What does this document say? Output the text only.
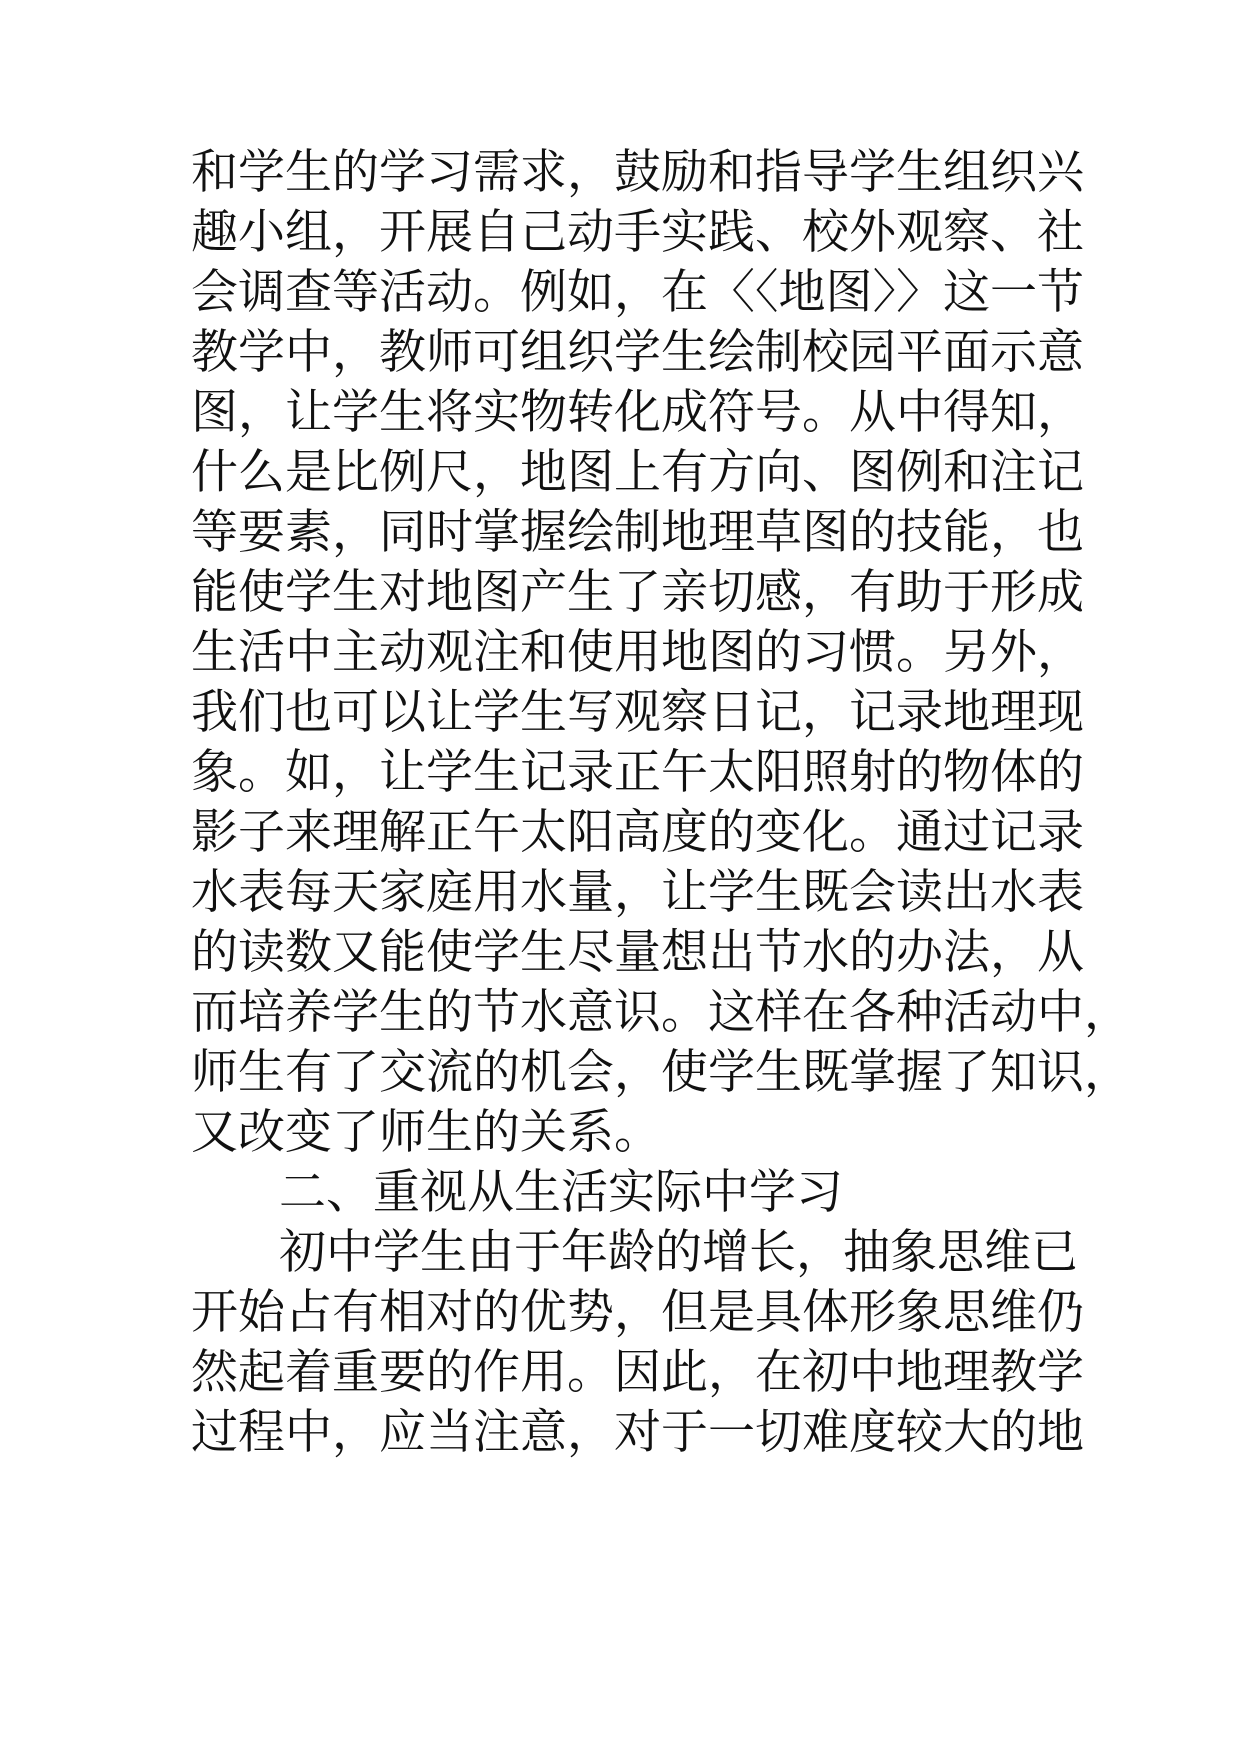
和学生的学习需求，鼓励和指导学生组织兴
趣小组，开展自己动手实践、校外观察、社
会调查等活动。例如，在〈〈地图〉〉这一节
教学中，教师可组织学生绘制校园平面示意
图，让学生将实物转化成符号。从中得知，
什么是比例尺，地图上有方向、图例和注记
等要素，同时掌握绘制地理草图的技能，也
能使学生对地图产生了亲切感，有助于形成
生活中主动观注和使用地图的习惯。另外，
我们也可以让学生写观察日记，记录地理现
象。如，让学生记录正午太阳照射的物体的
影子来理解正午太阳高度的变化。通过记录
水表每天家庭用水量，让学生既会读出水表
的读数又能使学生尽量想出节水的办法，从
而培养学生的节水意识。这样在各种活动中，
师生有了交流的机会，使学生既掌握了知识，
又改变了师生的关系。
二、重视从生活实际中学习
初中学生由于年龄的增长，抽象思维已
开始占有相对的优势，但是具体形象思维仍
然起着重要的作用。因此，在初中地理教学
过程中，应当注意，对于一切难度较大的地
